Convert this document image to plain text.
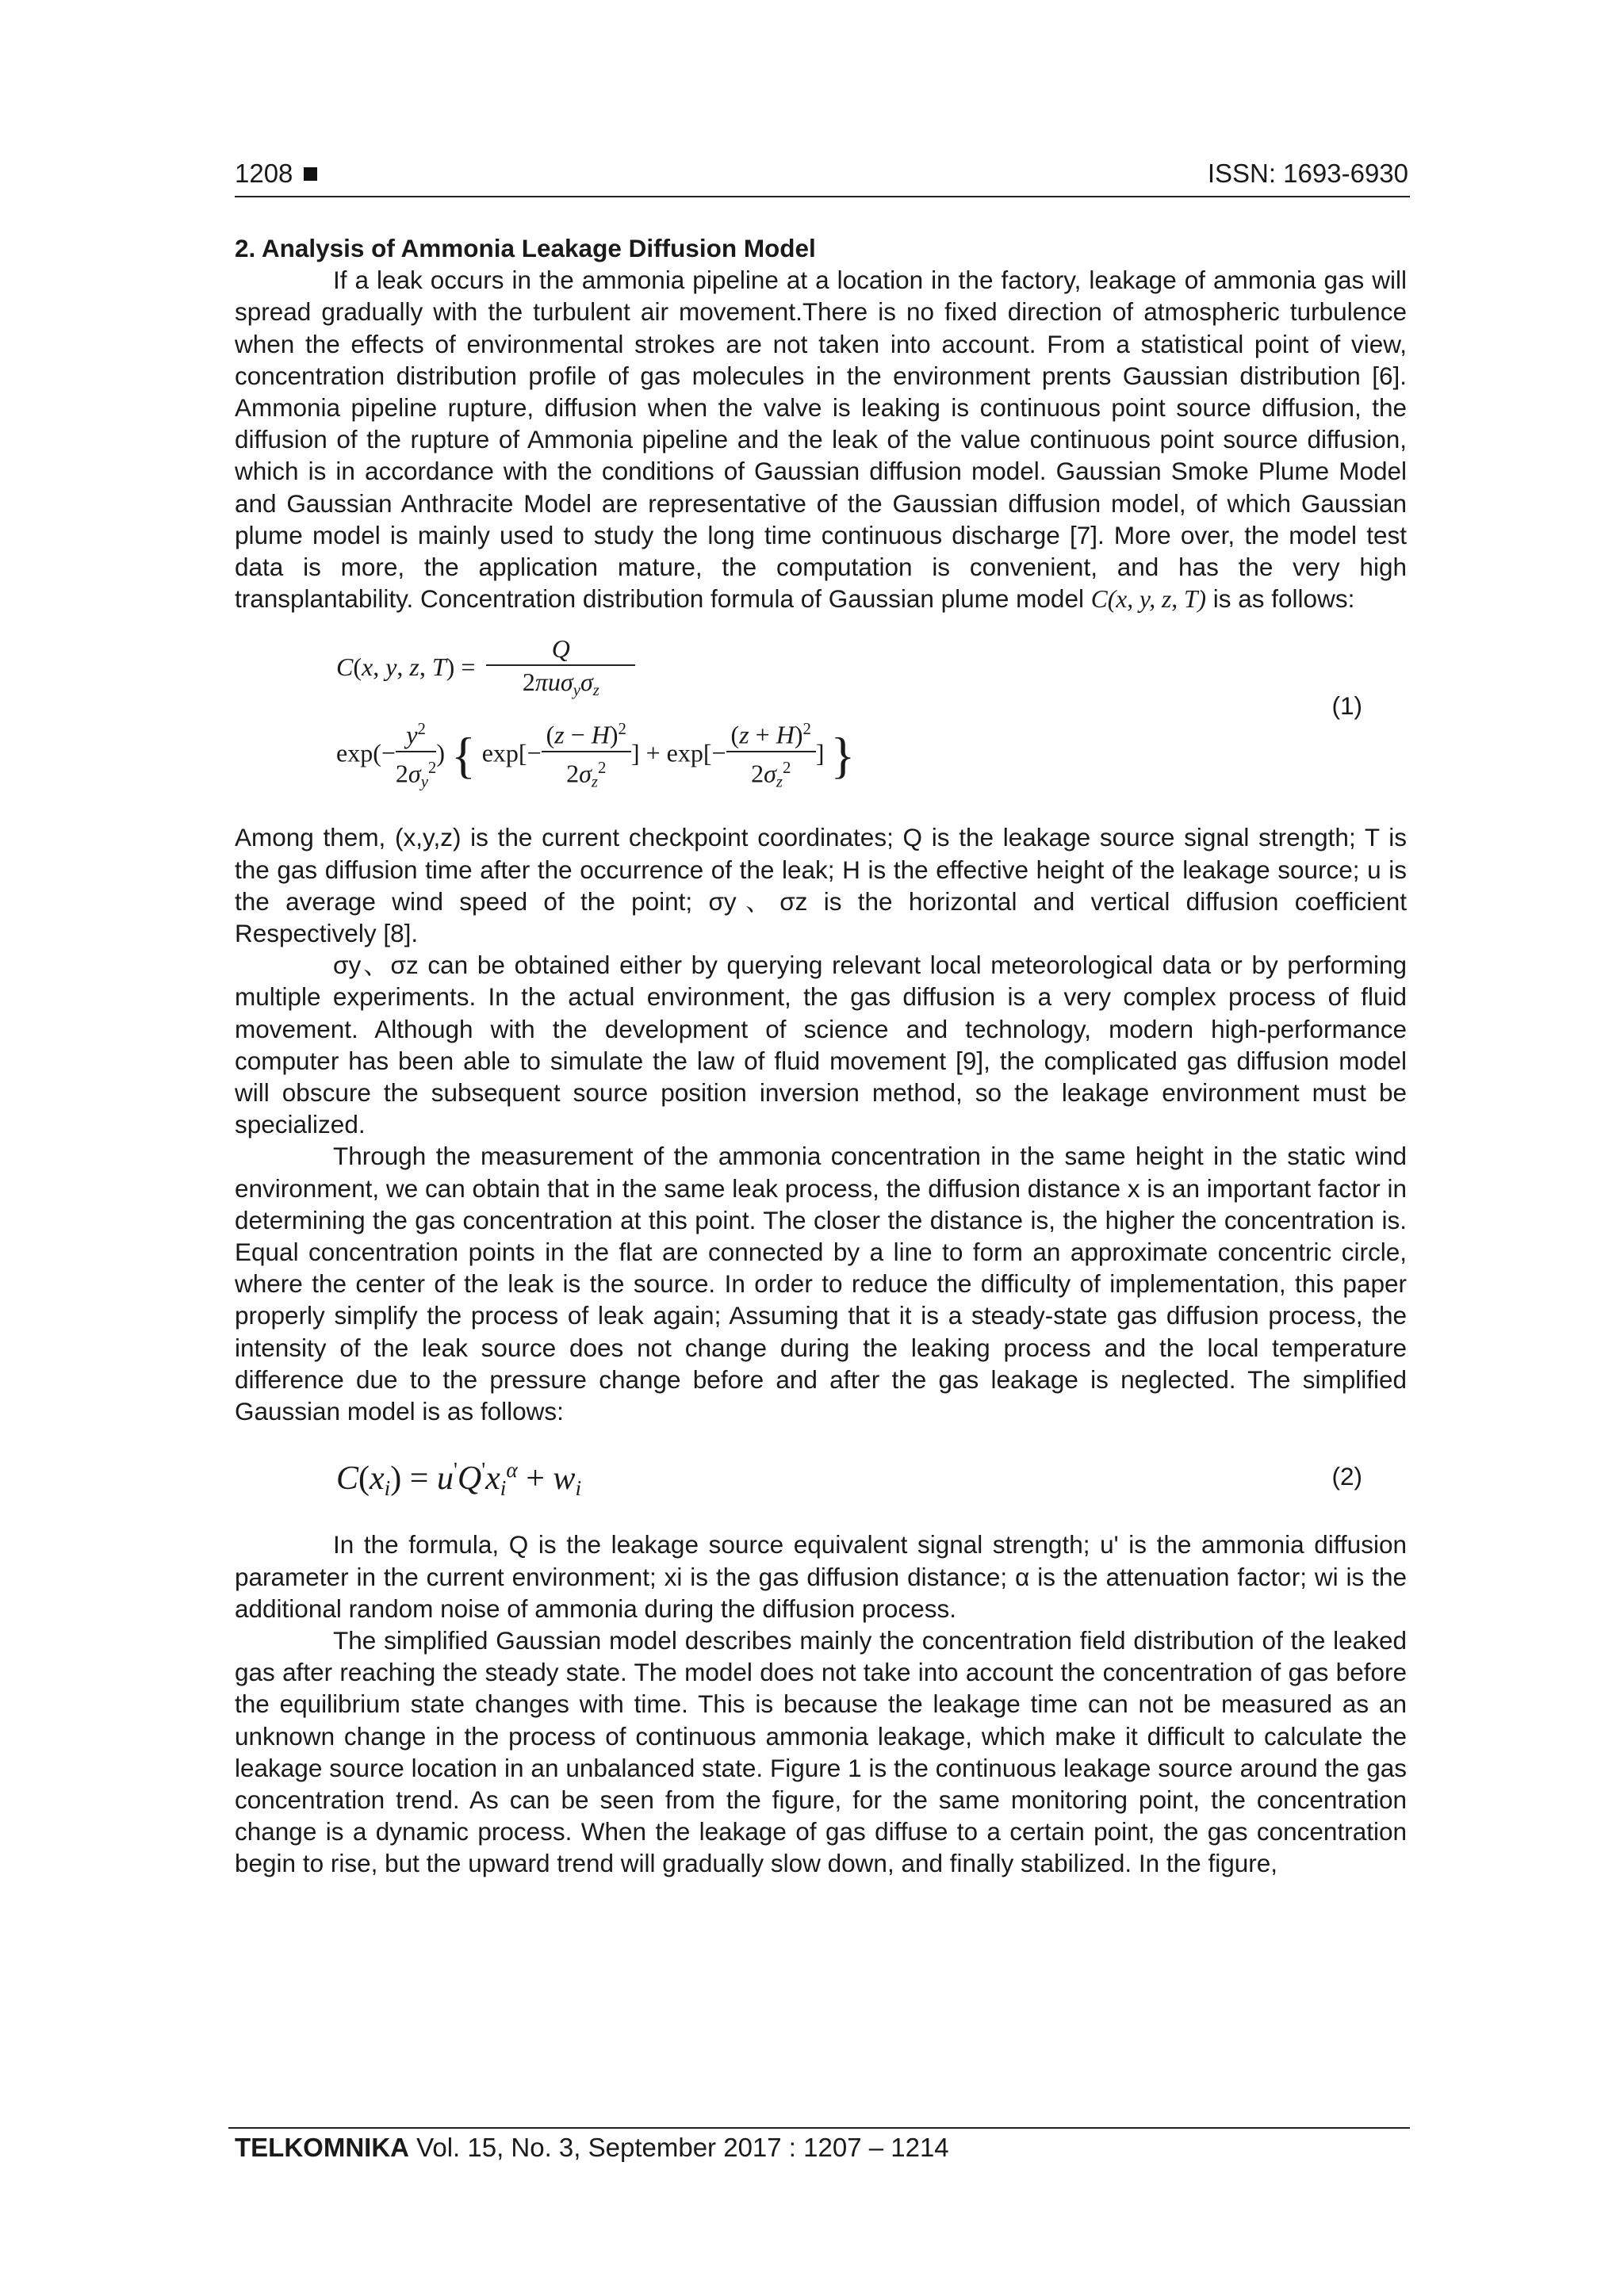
1208	ISSN: 1693-6930
2. Analysis of Ammonia Leakage Diffusion Model

If a leak occurs in the ammonia pipeline at a location in the factory, leakage of ammonia gas will spread gradually with the turbulent air movement.There is no fixed direction of atmospheric turbulence when the effects of environmental strokes are not taken into account. From a statistical point of view, concentration distribution profile of gas molecules in the environment prents Gaussian distribution [6]. Ammonia pipeline rupture, diffusion when the valve is leaking is continuous point source diffusion, the diffusion of the rupture of Ammonia pipeline and the leak of the value continuous point source diffusion, which is in accordance with the conditions of Gaussian diffusion model. Gaussian Smoke Plume Model and Gaussian Anthracite Model are representative of the Gaussian diffusion model, of which Gaussian plume model is mainly used to study the long time continuous discharge [7]. More over, the model test data is more, the application mature, the computation is convenient, and has the very high transplantability. Concentration distribution formula of Gaussian plume model C(x, y, z, T) is as follows:

C(x, y, z, $T) = \frac{Q}{2\pi u\sigma_y\sigma_z}$
$\exp(- \frac{y^2}{2\sigma_y^2}$ ) { $\exp[- \frac{(z - H)^2}{2\sigma_z^2}$ ] + $\exp[- \frac{(z + H)^2}{2\sigma_z^2}$ ] }
(1)

Among them, (x,y,z) is the current checkpoint coordinates; Q is the leakage source signal strength; T is the gas diffusion time after the occurrence of the leak; H is the effective height of the leakage source; u is the average wind speed of the point; σy、σz is the horizontal and vertical diffusion coefficient Respectively [8].

σy、σz can be obtained either by querying relevant local meteorological data or by performing multiple experiments. In the actual environment, the gas diffusion is a very complex process of fluid movement. Although with the development of science and technology, modern high-performance computer has been able to simulate the law of fluid movement [9], the complicated gas diffusion model will obscure the subsequent source position inversion method, so the leakage environment must be specialized.

Through the measurement of the ammonia concentration in the same height in the static wind environment, we can obtain that in the same leak process, the diffusion distance x is an important factor in determining the gas concentration at this point. The closer the distance is, the higher the concentration is. Equal concentration points in the flat are connected by a line to form an approximate concentric circle, where the center of the leak is the source. In order to reduce the difficulty of implementation, this paper properly simplify the process of leak again; Assuming that it is a steady-state gas diffusion process, the intensity of the leak source does not change during the leaking process and the local temperature difference due to the pressure change before and after the gas leakage is neglected. The simplified Gaussian model is as follows:

$C(x_i) = u'Q'x_i^\alpha + w_i$	(2)

In the formula, Q is the leakage source equivalent signal strength; u' is the ammonia diffusion parameter in the current environment; xi is the gas diffusion distance; α is the attenuation factor; wi is the additional random noise of ammonia during the diffusion process.

The simplified Gaussian model describes mainly the concentration field distribution of the leaked gas after reaching the steady state. The model does not take into account the concentration of gas before the equilibrium state changes with time. This is because the leakage time can not be measured as an unknown change in the process of continuous ammonia leakage, which make it difficult to calculate the leakage source location in an unbalanced state. Figure 1 is the continuous leakage source around the gas concentration trend. As can be seen from the figure, for the same monitoring point, the concentration change is a dynamic process. When the leakage of gas diffuse to a certain point, the gas concentration begin to rise, but the upward trend will gradually slow down, and finally stabilized. In the figure,

TELKOMNIKA Vol. 15, No. 3, September 2017 : 1207 – 1214
